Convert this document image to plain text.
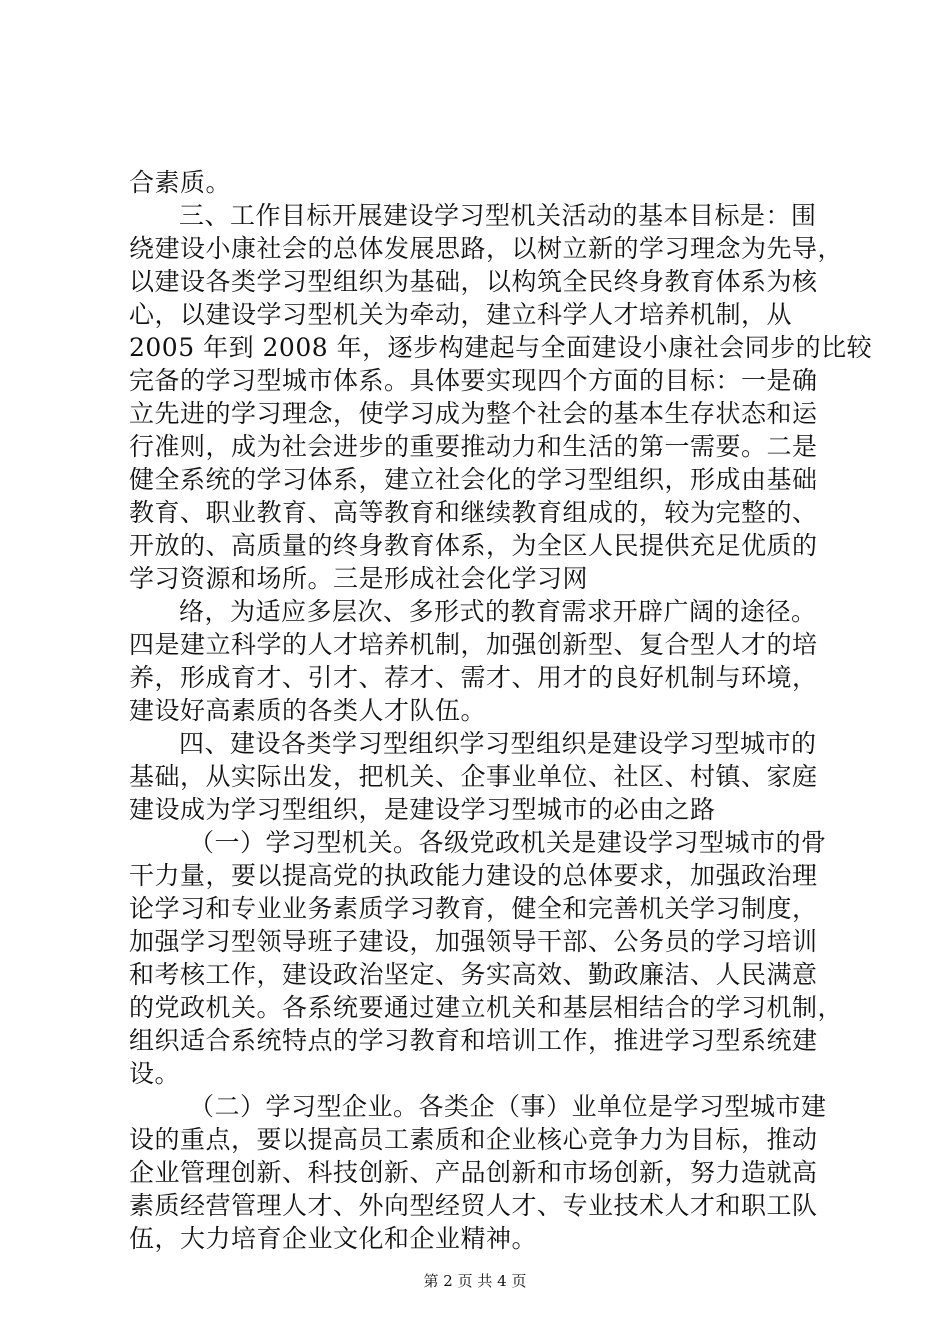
合素质。
三、工作目标开展建设学习型机关活动的基本目标是：围
绕建设小康社会的总体发展思路，以树立新的学习理念为先导，
以建设各类学习型组织为基础，以构筑全民终身教育体系为核
心，以建设学习型机关为牵动，建立科学人才培养机制，从
2005 年到 2008 年，逐步构建起与全面建设小康社会同步的比较
完备的学习型城市体系。具体要实现四个方面的目标：一是确
立先进的学习理念，使学习成为整个社会的基本生存状态和运
行准则，成为社会进步的重要推动力和生活的第一需要。二是
健全系统的学习体系，建立社会化的学习型组织，形成由基础
教育、职业教育、高等教育和继续教育组成的，较为完整的、
开放的、高质量的终身教育体系，为全区人民提供充足优质的
学习资源和场所。三是形成社会化学习网
络，为适应多层次、多形式的教育需求开辟广阔的途径。
四是建立科学的人才培养机制，加强创新型、复合型人才的培
养，形成育才、引才、荐才、需才、用才的良好机制与环境，
建设好高素质的各类人才队伍。
四、建设各类学习型组织学习型组织是建设学习型城市的
基础，从实际出发，把机关、企事业单位、社区、村镇、家庭
建设成为学习型组织，是建设学习型城市的必由之路
（一）学习型机关。各级党政机关是建设学习型城市的骨
干力量，要以提高党的执政能力建设的总体要求，加强政治理
论学习和专业业务素质学习教育，健全和完善机关学习制度，
加强学习型领导班子建设，加强领导干部、公务员的学习培训
和考核工作，建设政治坚定、务实高效、勤政廉洁、人民满意
的党政机关。各系统要通过建立机关和基层相结合的学习机制，
组织适合系统特点的学习教育和培训工作，推进学习型系统建
设。
（二）学习型企业。各类企（事）业单位是学习型城市建
设的重点，要以提高员工素质和企业核心竞争力为目标，推动
企业管理创新、科技创新、产品创新和市场创新，努力造就高
素质经营管理人才、外向型经贸人才、专业技术人才和职工队
伍，大力培育企业文化和企业精神。
第 2 页 共 4 页
